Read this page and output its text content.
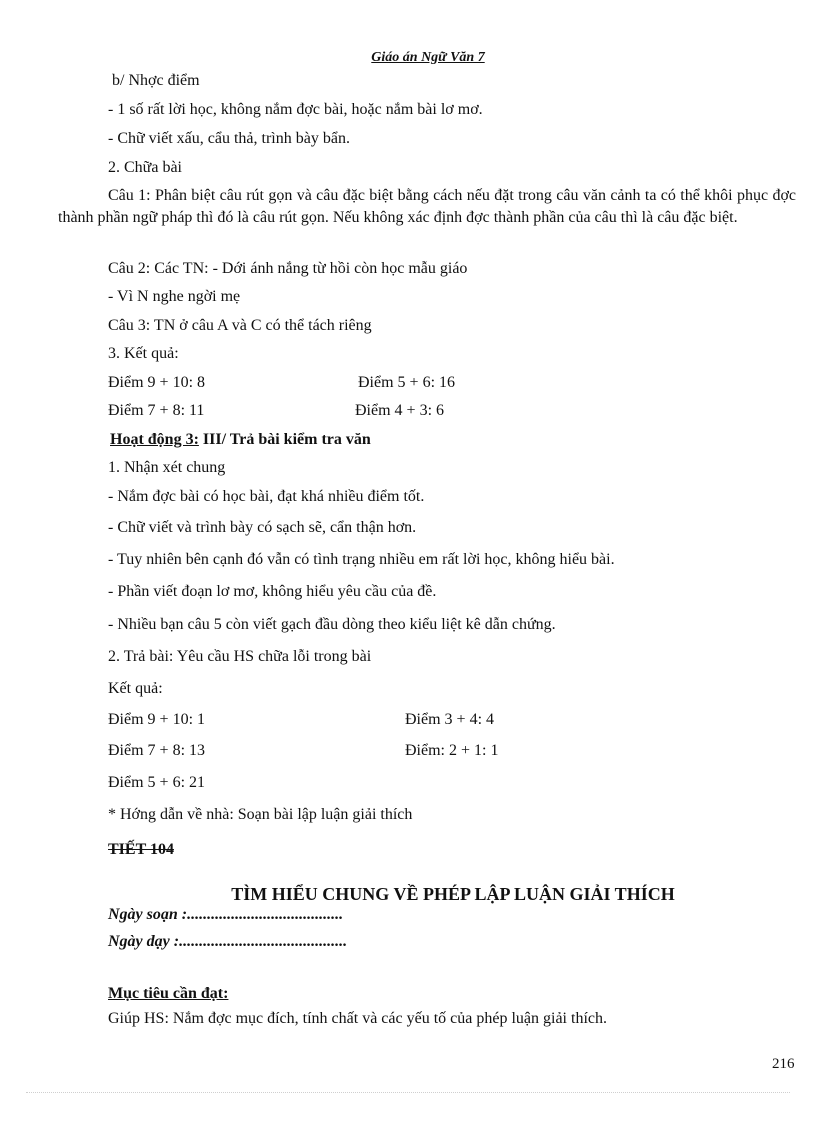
Giáo án Ngữ Văn 7
b/ Nhợc điểm
- 1 số rất lời học, không nắm đợc bài, hoặc nắm bài lơ mơ.
- Chữ viết xấu, cẩu thả, trình bày bẩn.
2. Chữa bài
Câu 1: Phân biệt câu rút gọn và câu đặc biệt bằng cách nếu đặt trong câu văn cảnh ta có thể khôi phục đợc thành phần ngữ pháp thì đó là câu rút gọn. Nếu không xác định đợc thành phần của câu thì là câu đặc biệt.
Câu 2: Các TN: - Dới ánh nắng từ hồi còn học mẫu giáo
- Vì N nghe ngời mẹ
Câu 3: TN ở câu A và C có thể tách riêng
3. Kết quả:
Điểm 9 + 10: 8	Điểm 5 + 6: 16
Điểm 7 + 8: 11	Điểm 4 + 3: 6
Hoạt động 3: III/ Trả bài kiểm tra văn
1. Nhận xét chung
- Nắm đợc bài có học bài, đạt khá nhiều điểm tốt.
- Chữ viết và trình bày có sạch sẽ, cẩn thận hơn.
- Tuy nhiên bên cạnh đó vẫn có tình trạng nhiều em rất lời học, không hiểu bài.
- Phần viết đoạn lơ mơ, không hiểu yêu cầu của đề.
- Nhiều bạn câu 5 còn viết gạch đầu dòng theo kiểu liệt kê dẫn chứng.
2. Trả bài: Yêu cầu HS chữa lỗi trong bài
Kết quả:
Điểm 9 + 10: 1	Điểm 3 + 4: 4
Điểm 7 + 8: 13	Điểm: 2 + 1: 1
Điểm 5 + 6: 21
* Hớng dẫn về nhà: Soạn bài lập luận giải thích
TIẾT 104
TÌM HIỂU CHUNG VỀ PHÉP LẬP LUẬN GIẢI THÍCH
Ngày soạn :.......................................
Ngày dạy :..........................................
Mục tiêu cần đạt:
Giúp HS: Nắm đợc mục đích, tính chất và các yếu tố của phép luận giải thích.
216
